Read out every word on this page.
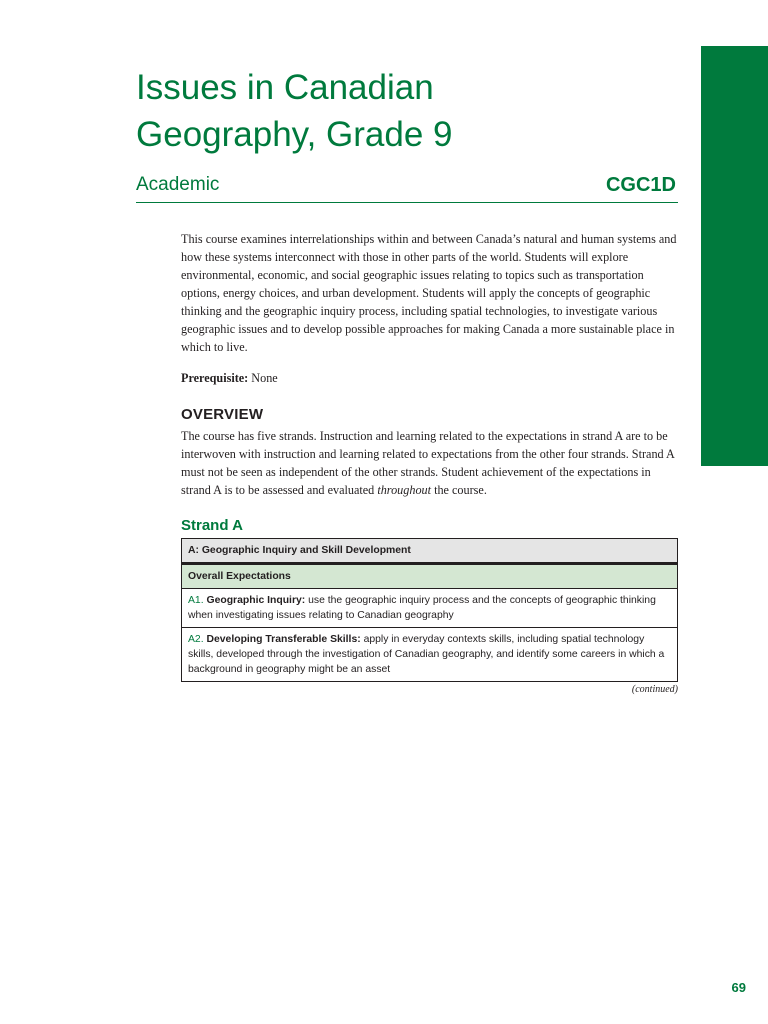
Issues in Canadian
Geography, Grade 9
Academic	CGC1D

This course examines interrelationships within and between Canada’s natural and human systems and how these systems interconnect with those in other parts of the world. Students will explore environmental, economic, and social geographic issues relating to topics such as transportation options, energy choices, and urban development. Students will apply the concepts of geographic thinking and the geographic inquiry process, including spatial technologies, to investigate various geographic issues and to develop possible approaches for making Canada a more sustainable place in which to live.

Prerequisite: None

OVERVIEW

The course has five strands. Instruction and learning related to the expectations in strand A are to be interwoven with instruction and learning related to expectations from the other four strands. Strand A must not be seen as independent of the other strands. Student achievement of the expectations in strand A is to be assessed and evaluated throughout the course.

Strand A
A: Geographic Inquiry and Skill Development
Overall Expectations
A1. Geographic Inquiry: use the geographic inquiry process and the concepts of geographic thinking when investigating issues relating to Canadian geography
A2. Developing Transferable Skills: apply in everyday contexts skills, including spatial technology skills, developed through the investigation of Canadian geography, and identify some careers in which a background in geography might be an asset
(continued)
69
